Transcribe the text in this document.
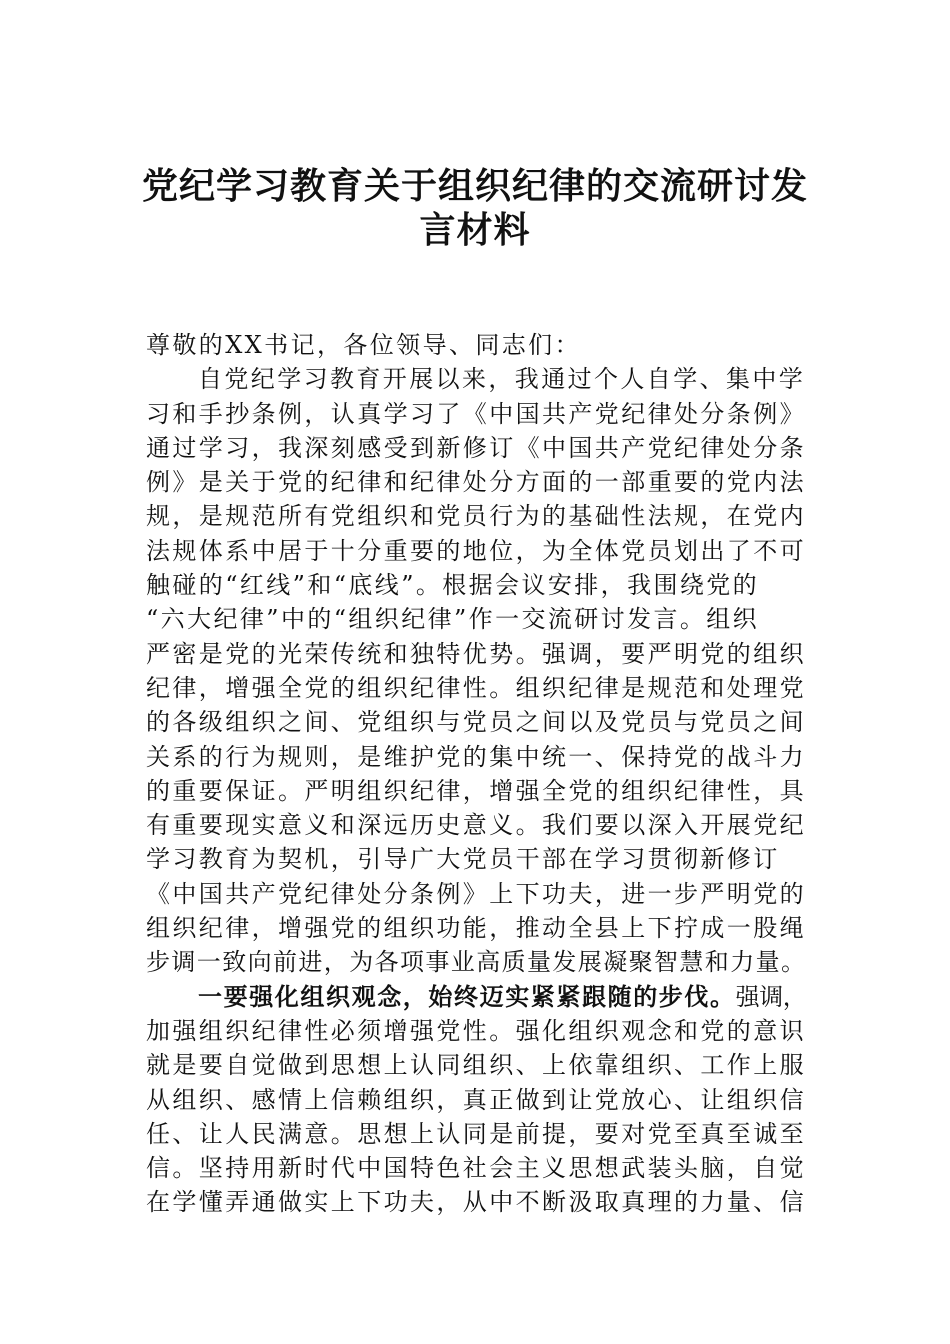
党纪学习教育关于组织纪律的交流研讨发
言材料
尊敬的XX书记，各位领导、同志们：
自党纪学习教育开展以来，我通过个人自学、集中学
习和手抄条例，认真学习了《中国共产党纪律处分条例》
通过学习，我深刻感受到新修订《中国共产党纪律处分条
例》是关于党的纪律和纪律处分方面的一部重要的党内法
规，是规范所有党组织和党员行为的基础性法规，在党内
法规体系中居于十分重要的地位，为全体党员划出了不可
触碰的“红线”和“底线”。根据会议安排，我围绕党的
“六大纪律”中的“组织纪律”作一交流研讨发言。组织
严密是党的光荣传统和独特优势。强调，要严明党的组织
纪律，增强全党的组织纪律性。组织纪律是规范和处理党
的各级组织之间、党组织与党员之间以及党员与党员之间
关系的行为规则，是维护党的集中统一、保持党的战斗力
的重要保证。严明组织纪律，增强全党的组织纪律性，具
有重要现实意义和深远历史意义。我们要以深入开展党纪
学习教育为契机，引导广大党员干部在学习贯彻新修订
《中国共产党纪律处分条例》上下功夫，进一步严明党的
组织纪律，增强党的组织功能，推动全县上下拧成一股绳
步调一致向前进，为各项事业高质量发展凝聚智慧和力量。
一要强化组织观念，始终迈实紧紧跟随的步伐。强调，
加强组织纪律性必须增强党性。强化组织观念和党的意识
就是要自觉做到思想上认同组织、上依靠组织、工作上服
从组织、感情上信赖组织，真正做到让党放心、让组织信
任、让人民满意。思想上认同是前提，要对党至真至诚至
信。坚持用新时代中国特色社会主义思想武装头脑，自觉
在学懂弄通做实上下功夫，从中不断汲取真理的力量、信
